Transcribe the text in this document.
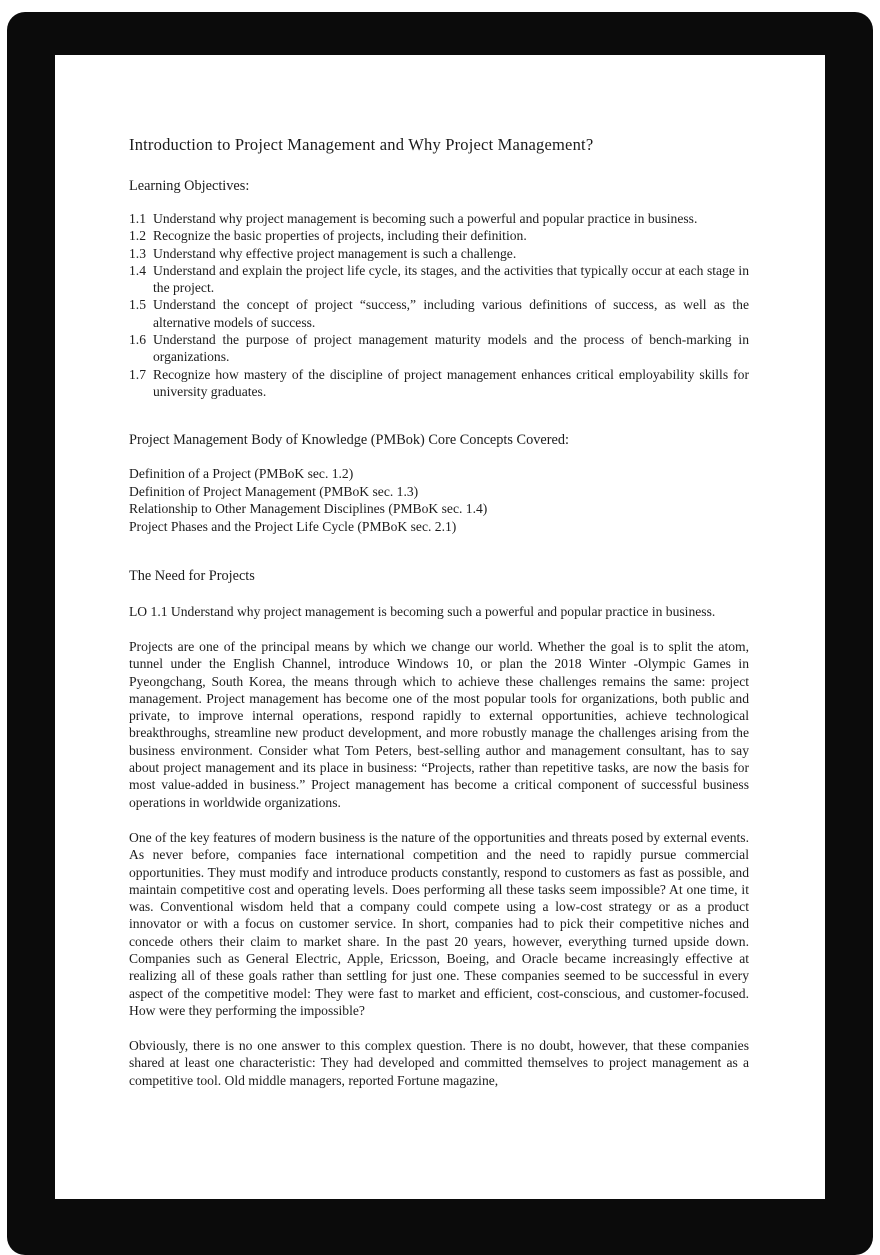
Introduction to Project Management and Why Project Management?

Learning Objectives:

1.1 Understand why project management is becoming such a powerful and popular practice in business.
1.2 Recognize the basic properties of projects, including their definition.
1.3 Understand why effective project management is such a challenge.
1.4 Understand and explain the project life cycle, its stages, and the activities that typically occur at each stage in the project.
1.5 Understand the concept of project “success,” including various definitions of success, as well as the alternative models of success.
1.6 Understand the purpose of project management maturity models and the process of bench-marking in organizations.
1.7 Recognize how mastery of the discipline of project management enhances critical employability skills for university graduates.

Project Management Body of Knowledge (PMBok) Core Concepts Covered:

Definition of a Project (PMBoK sec. 1.2)
Definition of Project Management (PMBoK sec. 1.3)
Relationship to Other Management Disciplines (PMBoK sec. 1.4)
Project Phases and the Project Life Cycle (PMBoK sec. 2.1)

The Need for Projects

LO 1.1 Understand why project management is becoming such a powerful and popular practice in business.

Projects are one of the principal means by which we change our world. Whether the goal is to split the atom, tunnel under the English Channel, introduce Windows 10, or plan the 2018 Winter -Olympic Games in Pyeongchang, South Korea, the means through which to achieve these challenges remains the same: project management. Project management has become one of the most popular tools for organizations, both public and private, to improve internal operations, respond rapidly to external opportunities, achieve technological breakthroughs, streamline new product development, and more robustly manage the challenges arising from the business environment. Consider what Tom Peters, best-selling author and management consultant, has to say about project management and its place in business: “Projects, rather than repetitive tasks, are now the basis for most value-added in business.” Project management has become a critical component of successful business operations in worldwide organizations.

One of the key features of modern business is the nature of the opportunities and threats posed by external events. As never before, companies face international competition and the need to rapidly pursue commercial opportunities. They must modify and introduce products constantly, respond to customers as fast as possible, and maintain competitive cost and operating levels. Does performing all these tasks seem impossible? At one time, it was. Conventional wisdom held that a company could compete using a low-cost strategy or as a product innovator or with a focus on customer service. In short, companies had to pick their competitive niches and concede others their claim to market share. In the past 20 years, however, everything turned upside down. Companies such as General Electric, Apple, Ericsson, Boeing, and Oracle became increasingly effective at realizing all of these goals rather than settling for just one. These companies seemed to be successful in every aspect of the competitive model: They were fast to market and efficient, cost-conscious, and customer-focused. How were they performing the impossible?

Obviously, there is no one answer to this complex question. There is no doubt, however, that these companies shared at least one characteristic: They had developed and committed themselves to project management as a competitive tool. Old middle managers, reported Fortune magazine,
